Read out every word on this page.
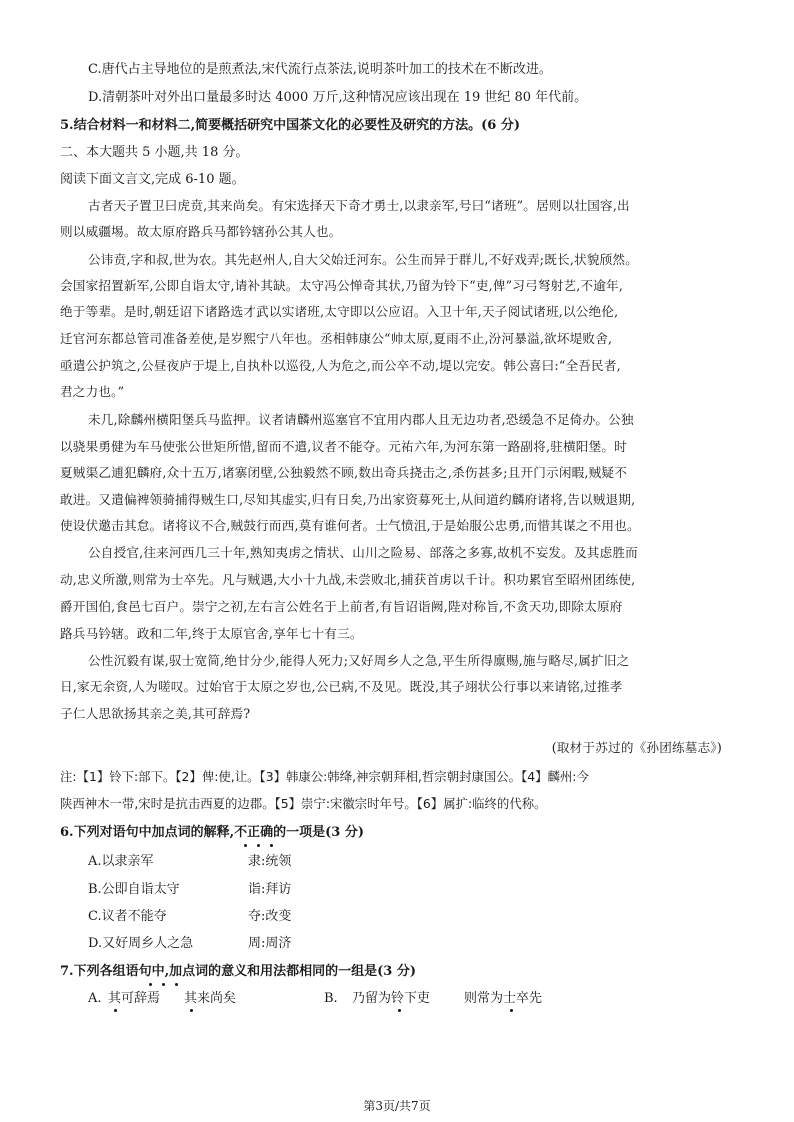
C.唐代占主导地位的是煎煮法,宋代流行点茶法,说明茶叶加工的技术在不断改进。
D.清朝茶叶对外出口量最多时达 4000 万斤,这种情况应该出现在 19 世纪 80 年代前。
5.结合材料一和材料二,简要概括研究中国茶文化的必要性及研究的方法。(6 分)
二、本大题共 5 小题,共 18 分。
阅读下面文言文,完成 6-10 题。
古者天子置卫曰虎贲,其来尚矣。有宋选择天下奇才勇士,以隶亲军,号曰“诸班”。居则以壮国容,出
则以威疆埸。故太原府路兵马都钤辖孙公其人也。
公讳贲,字和叔,世为农。其先赵州人,自大父始迁河东。公生而异于群儿,不好戏弄;既长,状貌颀然。
会国家招置新军,公即自诣太守,请补其缺。太守冯公惮奇其状,乃留为铃下“吏,俾”习弓弩射艺,不逾年,
绝于等辈。是时,朝廷诏下诸路选才武以实诸班,太守即以公应诏。入卫十年,天子阅试诸班,以公绝伦,
迁官河东都总管司准备差使,是岁熙宁八年也。丞相韩康公“帅太原,夏雨不止,汾河暴溢,欲坏堤败舍,
亟遣公护筑之,公昼夜庐于堤上,自执朴以巡役,人为危之,而公卒不动,堤以完安。韩公喜曰:“全吾民者,
君之力也。”
未几,除麟州横阳堡兵马监押。议者请麟州巡塞官不宜用内郡人且无边功者,恐缓急不足倚办。公独
以骁果勇健为车马使张公世矩所惜,留而不遣,议者不能夺。元祐六年,为河东第一路副将,驻横阳堡。时
夏贼渠乙逋犯麟府,众十五万,诸寨闭壁,公独毅然不顾,数出奇兵挠击之,杀伤甚多;且开门示闲暇,贼疑不
敢进。又遣偏裨领骑捕得贼生口,尽知其虚实,归有日矣,乃出家资募死士,从间道约麟府诸将,告以贼退期,
使设伏邀击其怠。诸将议不合,贼鼓行而西,莫有谁何者。士气愤沮,于是始服公忠勇,而惜其谋之不用也。
公自授官,往来河西几三十年,熟知夷虏之情状、山川之险易、部落之多寡,故机不妄发。及其虑胜而
动,忠义所激,则常为士卒先。凡与贼遇,大小十九战,未尝败北,捕获首虏以千计。积功累官至昭州团练使,
爵开国伯,食邑七百户。崇宁之初,左右言公姓名于上前者,有旨诏诣阙,陛对称旨,不贪天功,即除太原府
路兵马钤辖。政和二年,终于太原官舍,享年七十有三。
公性沉毅有谋,驭士宽简,绝甘分少,能得人死力;又好周乡人之急,平生所得廪赐,施与略尽,属扩旧之
日,家无余资,人为嗟叹。过始官于太原之岁也,公已病,不及见。既没,其子翊状公行事以来请铭,过推孝
子仁人思欲扬其亲之美,其可辞焉?
(取材于苏过的《孙团练墓志》)
注:【1】铃下:部下。【2】俾:使,让。【3】韩康公:韩绛,神宗朝拜相,哲宗朝封康国公。【4】麟州:今
陕西神木一带,宋时是抗击西夏的边郡。【5】崇宁:宋徽宗时年号。【6】属扩:临终的代称。
6.下列对语句中加点词的解释,不正确的一项是(3 分)
A.以隶亲军	隶:统领
B.公即自诣太守	诣:拜访
C.议者不能夺	夺:改变
D.又好周乡人之急	周:周济
7.下列各组语句中,加点词的意义和用法都相同的一组是(3 分)
A. 其可辞焉 其来尚矣	B. 乃留为铃下吏	则常为士卒先
第3页/共7页
